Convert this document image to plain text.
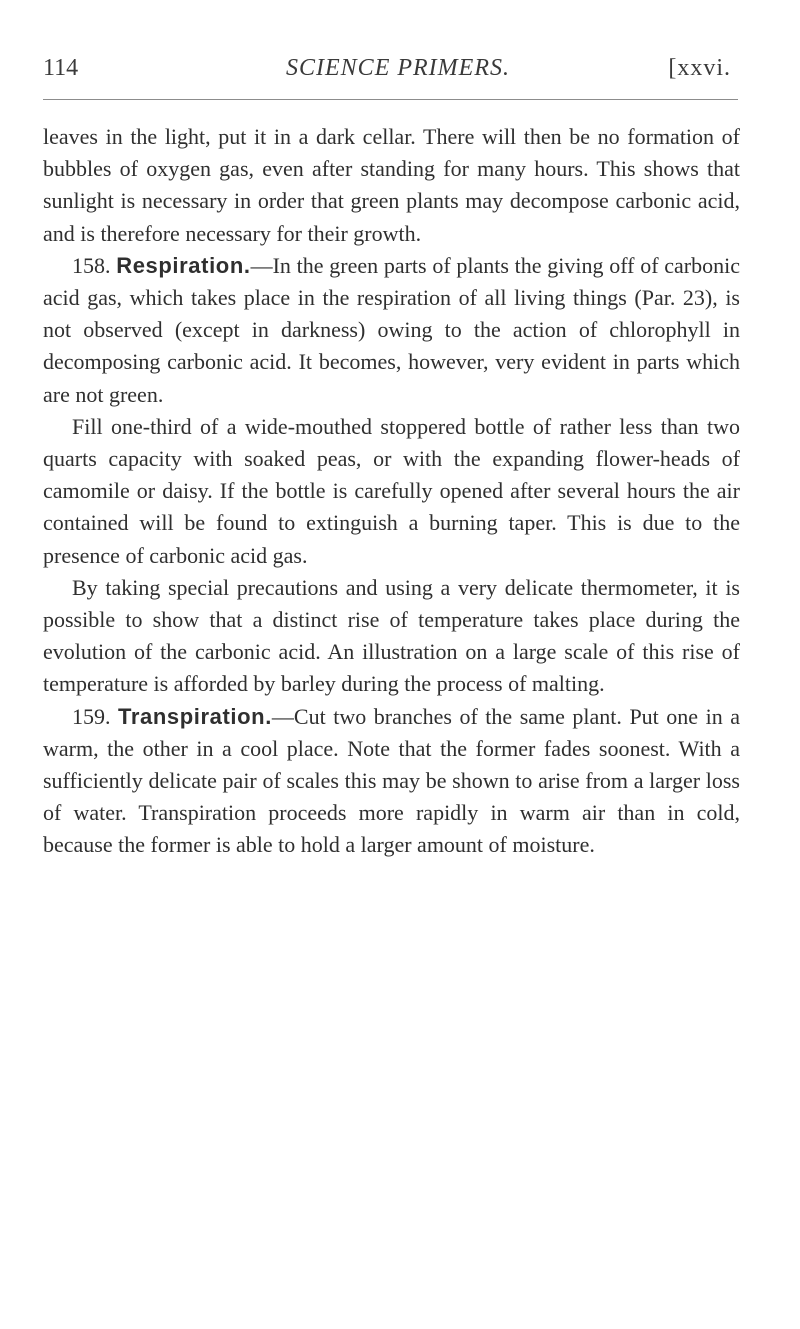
114	SCIENCE PRIMERS.	[xxvi.

leaves in the light, put it in a dark cellar. There will then be no formation of bubbles of oxygen gas, even after standing for many hours. This shows that sunlight is necessary in order that green plants may decompose carbonic acid, and is therefore necessary for their growth.

158. Respiration.—In the green parts of plants the giving off of carbonic acid gas, which takes place in the respiration of all living things (Par. 23), is not observed (except in darkness) owing to the action of chlorophyll in decomposing carbonic acid. It becomes, however, very evident in parts which are not green.

Fill one-third of a wide-mouthed stoppered bottle of rather less than two quarts capacity with soaked peas, or with the expanding flower-heads of camomile or daisy. If the bottle is carefully opened after several hours the air contained will be found to extinguish a burning taper. This is due to the presence of carbonic acid gas.

By taking special precautions and using a very delicate thermometer, it is possible to show that a distinct rise of temperature takes place during the evolution of the carbonic acid. An illustration on a large scale of this rise of temperature is afforded by barley during the process of malting.

159. Transpiration.—Cut two branches of the same plant. Put one in a warm, the other in a cool place. Note that the former fades soonest. With a sufficiently delicate pair of scales this may be shown to arise from a larger loss of water. Transpiration proceeds more rapidly in warm air than in cold, because the former is able to hold a larger amount of moisture.
